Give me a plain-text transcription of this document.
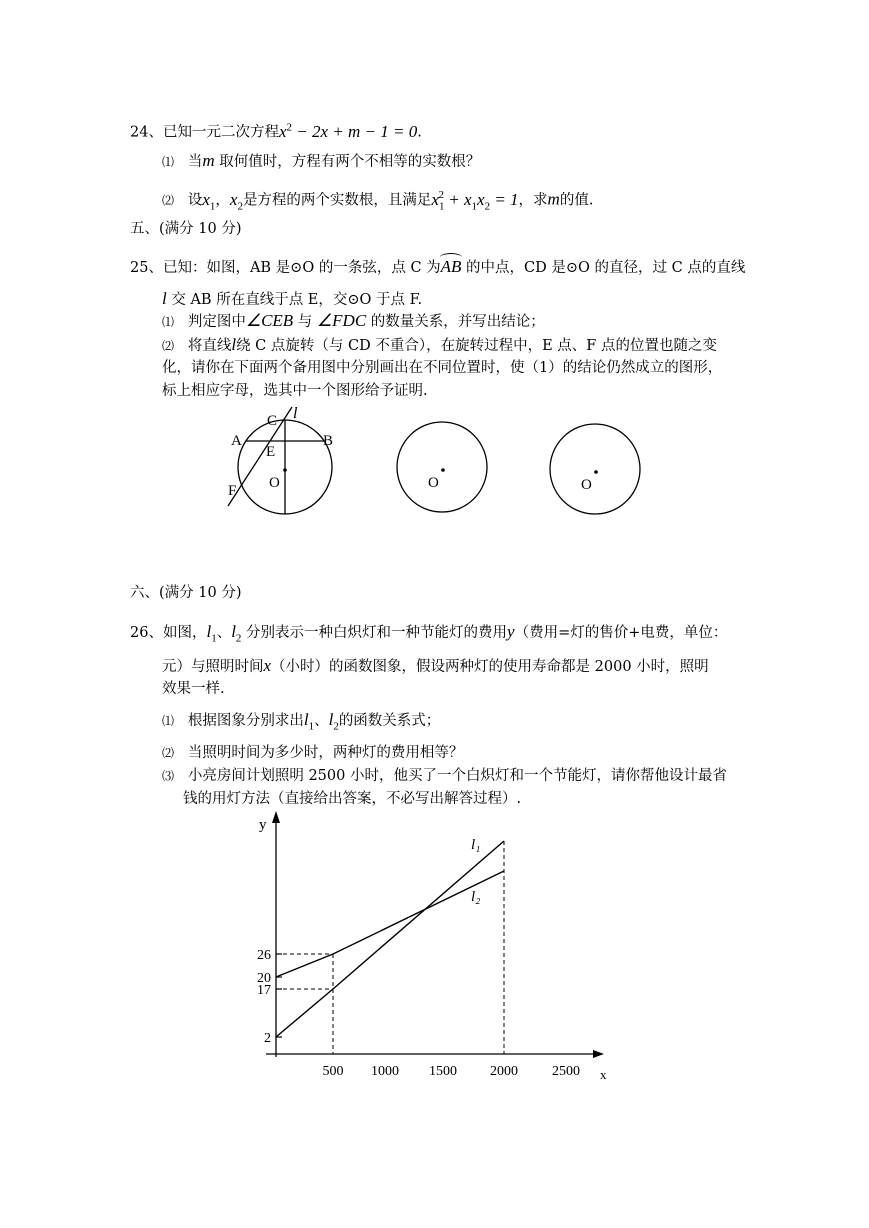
24、已知一元二次方程$x^2 - 2x + m - 1 = 0$.
⑴ 当m 取何值时，方程有两个不相等的实数根？
⑵ 设$x_1$，$x_2$是方程的两个实数根，且满足$x_1^2 + x_1x_2 = 1$，求m的值.
五、(满分 10 分)
25、已知：如图，AB 是⊙O 的一条弦，点 C 为AB 的中点，CD 是⊙O 的直径，过 C 点的直线
l 交 AB 所在直线于点 E，交⊙O 于点 F.
⑴ 判定图中∠CEB 与 ∠FDC 的数量关系，并写出结论；
⑵ 将直线l绕 C 点旋转（与 CD 不重合），在旋转过程中，E 点、F 点的位置也随之变
化，请你在下面两个备用图中分别画出在不同位置时，使（1）的结论仍然成立的图形，
标上相应字母，选其中一个图形给予证明.
C l
A	B
E
O
F	O	O
六、(满分 10 分)
26、如图，$l_1$、$l_2$ 分别表示一种白炽灯和一种节能灯的费用y（费用=灯的售价+电费，单位：
元）与照明时间x（小时）的函数图象，假设两种灯的使用寿命都是 2000 小时，照明
效果一样.
⑴ 根据图象分别求出$l_1$、$l_2$的函数关系式；
⑵ 当照明时间为多少时，两种灯的费用相等？
⑶ 小亮房间计划照明 2500 小时，他买了一个白炽灯和一个节能灯，请你帮他设计最省
钱的用灯方法（直接给出答案，不必写出解答过程）.
500 1000 1500 2000 2500 x
y
2
17
20
26
l₁
l₂
